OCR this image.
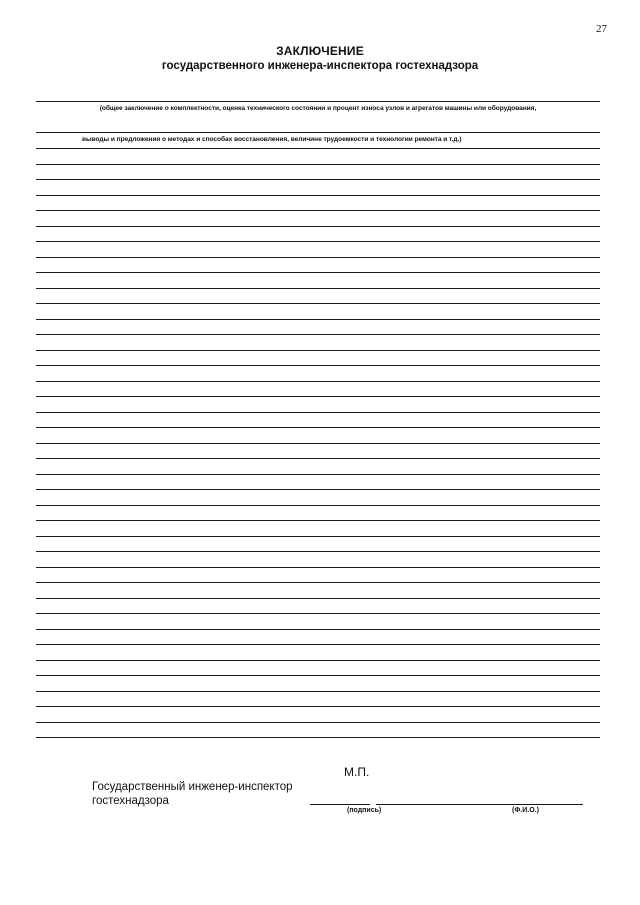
27
ЗАКЛЮЧЕНИЕ
государственного инженера-инспектора гостехнадзора
(общее заключение о комплектности, оценка технического состоянии и процент износа узлов и агрегатов машины или оборудования,
выводы и предложения о методах и способах восстановления, величине трудоемкости и технологии ремонта и т.д.)
Государственный инженер-инспектор
гостехнадзора
М.П.
(подпись)	(Ф.И.О.)
